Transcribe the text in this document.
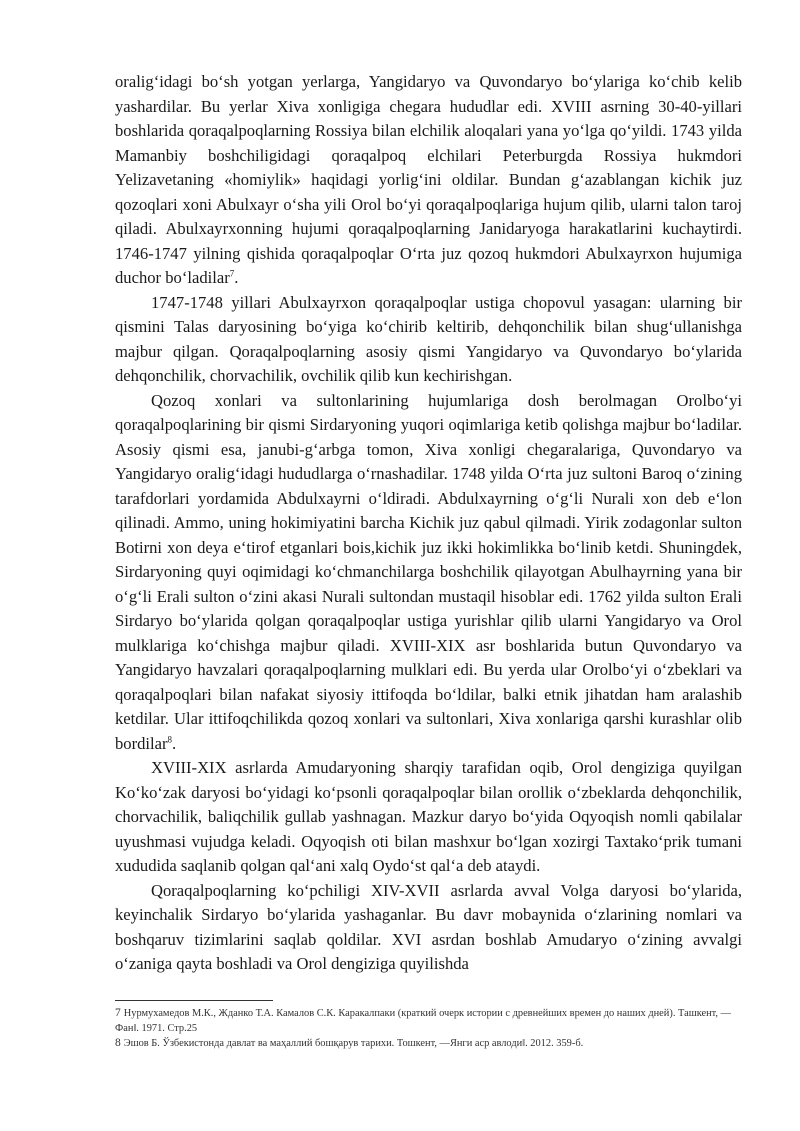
oralig‘idagi bo‘sh yotgan yerlarga, Yangidaryo va Quvondaryo bo‘ylariga ko‘chib kelib yashardilar. Bu yerlar Xiva xonligiga chegara hududlar edi. XVIII asrning 30-40-yillari boshlarida qoraqalpoqlarning Rossiya bilan elchilik aloqalari yana yo‘lga qo‘yildi. 1743 yilda Mamanbiy boshchiligidagi qoraqalpoq elchilari Peterburgda Rossiya hukmdori Yelizavetaning «homiylik» haqidagi yorlig‘ini oldilar. Bundan g‘azablangan kichik juz qozoqlari xoni Abulxayr o‘sha yili Orol bo‘yi qoraqalpoqlariga hujum qilib, ularni talon taroj qiladi. Abulxayrxonning hujumi qoraqalpoqlarning Janidaryoga harakatlarini kuchaytirdi. 1746-1747 yilning qishida qoraqalpoqlar O‘rta juz qozoq hukmdori Abulxayrxon hujumiga duchor bo‘ladilar$^7$.

1747-1748 yillari Abulxayrxon qoraqalpoqlar ustiga chopovul yasagan: ularning bir qismini Talas daryosining bo‘yiga ko‘chirib keltirib, dehqonchilik bilan shug‘ullanishga majbur qilgan. Qoraqalpoqlarning asosiy qismi Yangidaryo va Quvondaryo bo‘ylarida dehqonchilik, chorvachilik, ovchilik qilib kun kechirishgan.

Qozoq xonlari va sultonlarining hujumlariga dosh berolmagan Orolbo‘yi qoraqalpoqlarining bir qismi Sirdaryoning yuqori oqimlariga ketib qolishga majbur bo‘ladilar. Asosiy qismi esa, janubi-g‘arbga tomon, Xiva xonligi chegaralariga, Quvondaryo va Yangidaryo oralig‘idagi hududlarga o‘rnashadilar. 1748 yilda O‘rta juz sultoni Baroq o‘zining tarafdorlari yordamida Abdulxayrni o‘ldiradi. Abdulxayrning o‘g‘li Nurali xon deb e‘lon qilinadi. Ammo, uning hokimiyatini barcha Kichik juz qabul qilmadi. Yirik zodagonlar sulton Botirni xon deya e‘tirof etganlari bois,kichik juz ikki hokimlikka bo‘linib ketdi. Shuningdek, Sirdaryoning quyi oqimidagi ko‘chmanchilarga boshchilik qilayotgan Abulhayrning yana bir o‘g‘li Erali sulton o‘zini akasi Nurali sultondan mustaqil hisoblar edi. 1762 yilda sulton Erali Sirdaryo bo‘ylarida qolgan qoraqalpoqlar ustiga yurishlar qilib ularni Yangidaryo va Orol mulklariga ko‘chishga majbur qiladi. XVIII-XIX asr boshlarida butun Quvondaryo va Yangidaryo havzalari qoraqalpoqlarning mulklari edi. Bu yerda ular Orolbo‘yi o‘zbeklari va qoraqalpoqlari bilan nafakat siyosiy ittifoqda bo‘ldilar, balki etnik jihatdan ham aralashib ketdilar. Ular ittifoqchilikda qozoq xonlari va sultonlari, Xiva xonlariga qarshi kurashlar olib bordilar$^8$.

XVIII-XIX asrlarda Amudaryoning sharqiy tarafidan oqib, Orol dengiziga quyilgan Ko‘ko‘zak daryosi bo‘yidagi ko‘psonli qoraqalpoqlar bilan orollik o‘zbeklarda dehqonchilik, chorvachilik, baliqchilik gullab yashnagan. Mazkur daryo bo‘yida Oqyoqish nomli qabilalar uyushmasi vujudga keladi. Oqyoqish oti bilan mashxur bo‘lgan xozirgi Taxtako‘prik tumani xududida saqlanib qolgan qal‘ani xalq Oydo‘st qal‘a deb ataydi.

Qoraqalpoqlarning ko‘pchiligi XIV-XVII asrlarda avval Volga daryosi bo‘ylarida, keyinchalik Sirdaryo bo‘ylarida yashaganlar. Bu davr mobaynida o‘zlarining nomlari va boshqaruv tizimlarini saqlab qoldilar. XVI asrdan boshlab Amudaryo o‘zining avvalgi o‘zaniga qayta boshladi va Orol dengiziga quyilishda

7 Нурмухамедов М.К., Жданко Т.А. Камалов С.К. Каракалпаки (краткий очерк истории с древнейших времен до наших дней). Ташкент, —Фан‖. 1971. Стр.25

8 Эшов Б. Ўзбекистонда давлат ва маҳаллий бошқарув тарихи. Тошкент, —Янги аср авлоди‖. 2012. 359-б.
